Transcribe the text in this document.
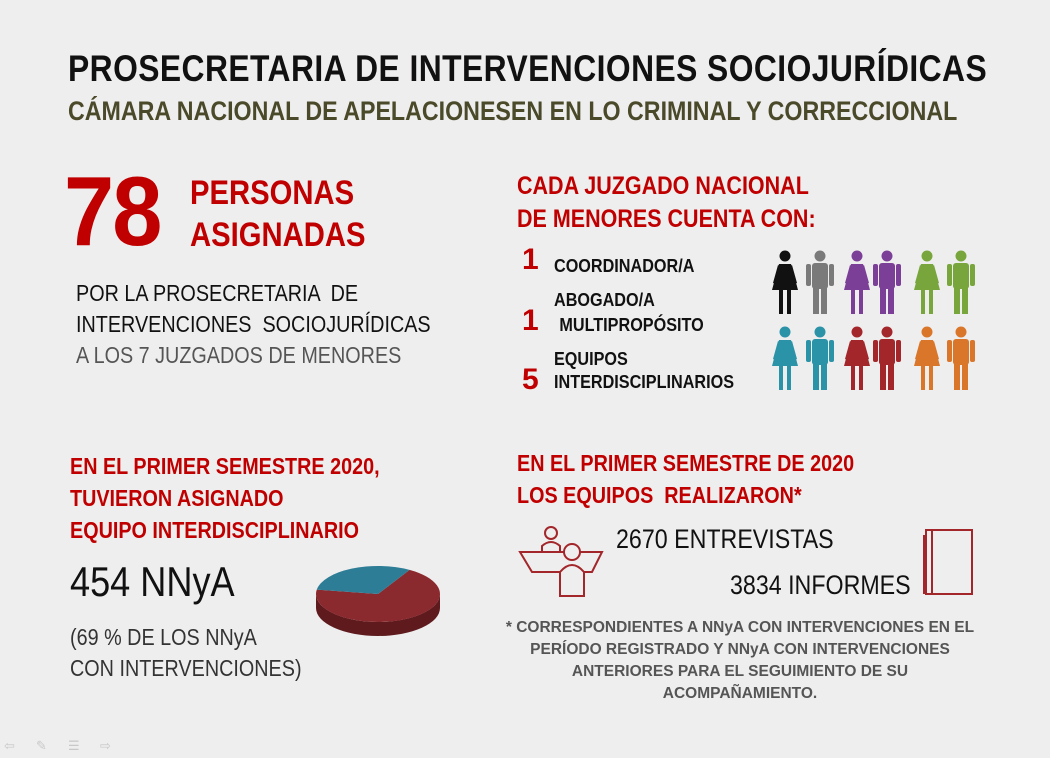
PROSECRETARIA DE INTERVENCIONES SOCIOJURÍDICAS
CÁMARA NACIONAL DE APELACIONESEN EN LO CRIMINAL Y CORRECCIONAL
78 PERSONAS
ASIGNADAS
POR LA PROSECRETARIA  DE
INTERVENCIONES  SOCIOJURÍDICAS
A LOS 7 JUZGADOS DE MENORES
CADA JUZGADO NACIONAL
DE MENORES CUENTA CON:
1 COORDINADOR/A
1
ABOGADO/A
MULTIPROPÓSITO
5
EQUIPOS
INTERDISCIPLINARIOS
EN EL PRIMER SEMESTRE 2020,
TUVIERON ASIGNADO
EQUIPO INTERDISCIPLINARIO
454 NNyA
(69 % DE LOS NNyA
CON INTERVENCIONES)
EN EL PRIMER SEMESTRE DE 2020
LOS EQUIPOS  REALIZARON*
2670 ENTREVISTAS
3834 INFORMES
* CORRESPONDIENTES A NNyA CON INTERVENCIONES EN EL
PERÍODO REGISTRADO Y NNyA CON INTERVENCIONES
ANTERIORES PARA EL SEGUIMIENTO DE SU ACOMPAÑAMIENTO.
⇦ ✎ ☰ ⇨
